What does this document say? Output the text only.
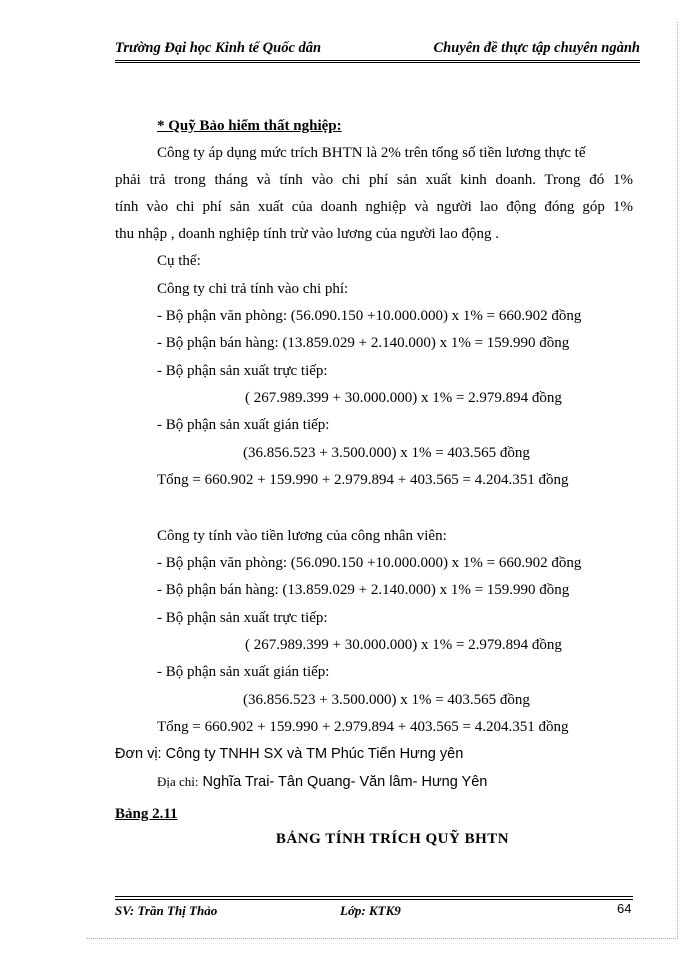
Trường Đại học Kinh tế Quốc dân	Chuyên đề thực tập chuyên ngành
* Quỹ Bảo hiểm thất nghiệp:
Công ty áp dụng mức trích BHTN là 2% trên tổng số tiền lương thực tế
phải trả trong tháng và tính vào chi phí sản xuất kinh doanh. Trong đó 1%
tính vào chi phí sản xuất của doanh nghiệp và người lao động đóng góp 1%
thu nhập , doanh nghiệp tính trừ vào lương của người lao động .
Cụ thể:
Công ty chi trả tính vào chi phí:
- Bộ phận văn phòng: (56.090.150 +10.000.000) x 1% = 660.902 đồng
- Bộ phận bán hàng: (13.859.029 + 2.140.000) x 1% = 159.990 đồng
- Bộ phận sản xuất trực tiếp:
( 267.989.399 + 30.000.000) x 1% = 2.979.894 đồng
- Bộ phận sản xuất gián tiếp:
(36.856.523 + 3.500.000) x 1% = 403.565 đồng
Tổng = 660.902 + 159.990 + 2.979.894 + 403.565 = 4.204.351 đồng
Công ty tính vào tiền lương của công nhân viên:
- Bộ phận văn phòng: (56.090.150 +10.000.000) x 1% = 660.902 đồng
- Bộ phận bán hàng: (13.859.029 + 2.140.000) x 1% = 159.990 đồng
- Bộ phận sản xuất trực tiếp:
( 267.989.399 + 30.000.000) x 1% = 2.979.894 đồng
- Bộ phận sản xuất gián tiếp:
(36.856.523 + 3.500.000) x 1% = 403.565 đồng
Tổng = 660.902 + 159.990 + 2.979.894 + 403.565 = 4.204.351 đồng
Đơn vị: Công ty TNHH SX và TM Phúc Tiến Hưng yên
Địa chỉ: Nghĩa Trai- Tân Quang- Văn lâm- Hưng Yên
Bảng 2.11
BẢNG TÍNH TRÍCH QUỸ BHTN
SV: Trần Thị Thảo	Lớp: KTK9	64
